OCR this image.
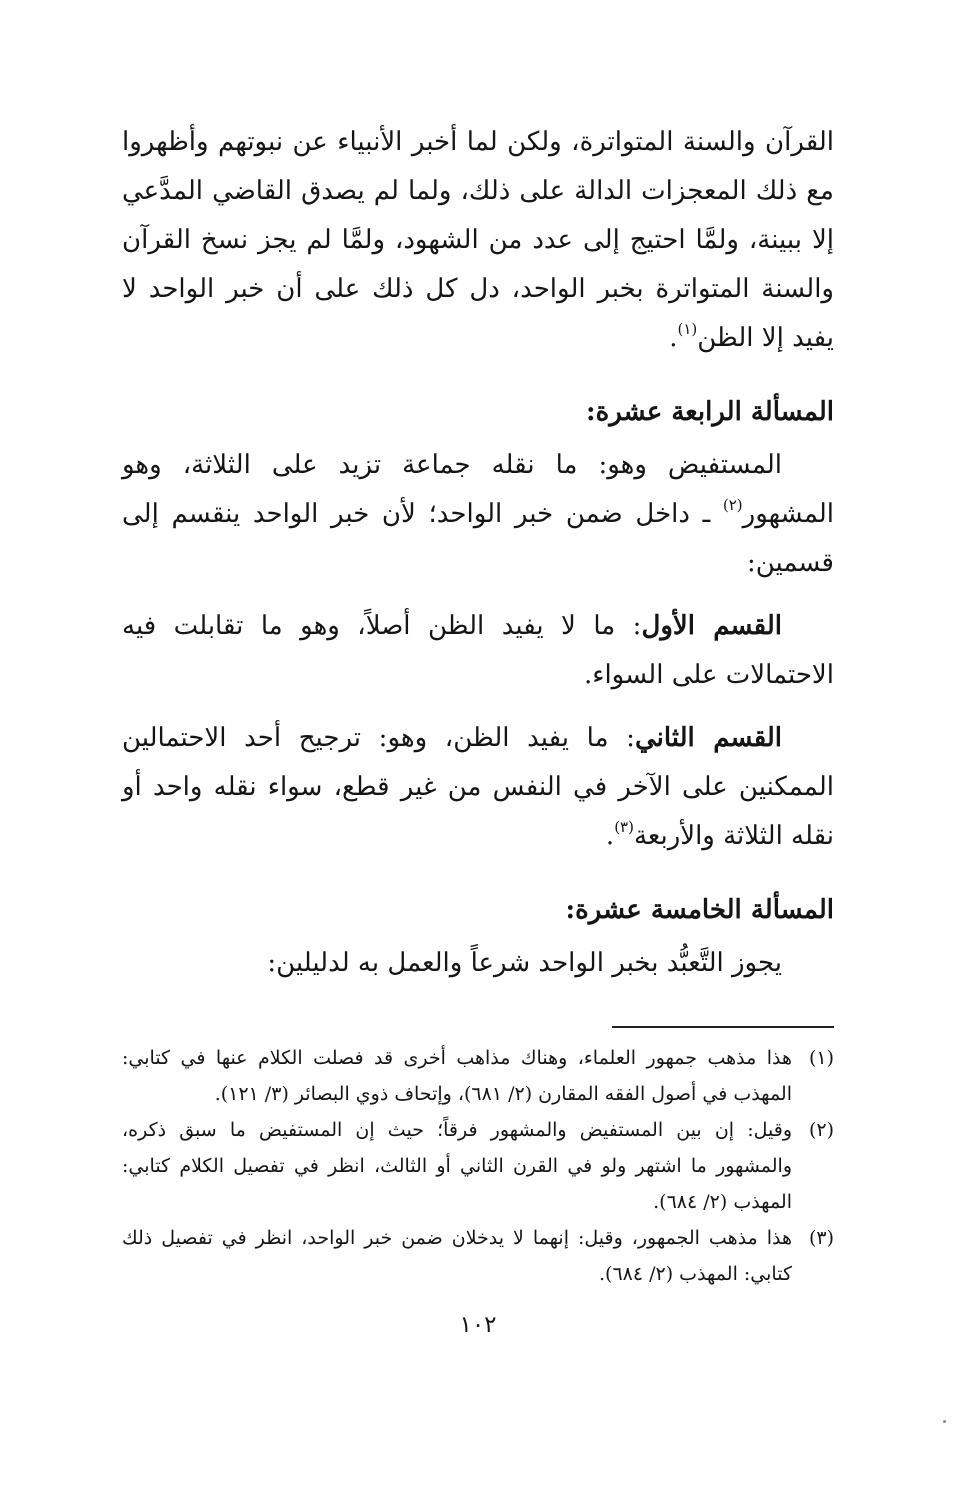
القرآن والسنة المتواترة، ولكن لما أخبر الأنبياء عن نبوتهم وأظهروا مع ذلك المعجزات الدالة على ذلك، ولما لم يصدق القاضي المدَّعي إلا ببينة، ولمَّا احتيج إلى عدد من الشهود، ولمَّا لم يجز نسخ القرآن والسنة المتواترة بخبر الواحد، دل كل ذلك على أن خبر الواحد لا يفيد إلا الظن$^{(١)}$.

المسألة الرابعة عشرة:

المستفيض وهو: ما نقله جماعة تزيد على الثلاثة، وهو المشهور$^{(٢)}$ ـ داخل ضمن خبر الواحد؛ لأن خبر الواحد ينقسم إلى قسمين:

القسم الأول: ما لا يفيد الظن أصلاً، وهو ما تقابلت فيه الاحتمالات على السواء.

القسم الثاني: ما يفيد الظن، وهو: ترجيح أحد الاحتمالين الممكنين على الآخر في النفس من غير قطع، سواء نقله واحد أو نقله الثلاثة والأربعة$^{(٣)}$.

المسألة الخامسة عشرة:

يجوز التَّعبُّد بخبر الواحد شرعاً والعمل به لدليلين:

(١)
هذا مذهب جمهور العلماء، وهناك مذاهب أخرى قد فصلت الكلام عنها في كتابي: المهذب في أصول الفقه المقارن (٢/ ٦٨١)، وإتحاف ذوي البصائر (٣/ ١٢١).

(٢)
وقيل: إن بين المستفيض والمشهور فرقاً؛ حيث إن المستفيض ما سبق ذكره، والمشهور ما اشتهر ولو في القرن الثاني أو الثالث، انظر في تفصيل الكلام كتابي: المهذب (٢/ ٦٨٤).

(٣)
هذا مذهب الجمهور، وقيل: إنهما لا يدخلان ضمن خبر الواحد، انظر في تفصيل ذلك كتابي: المهذب (٢/ ٦٨٤).

١٠٢
